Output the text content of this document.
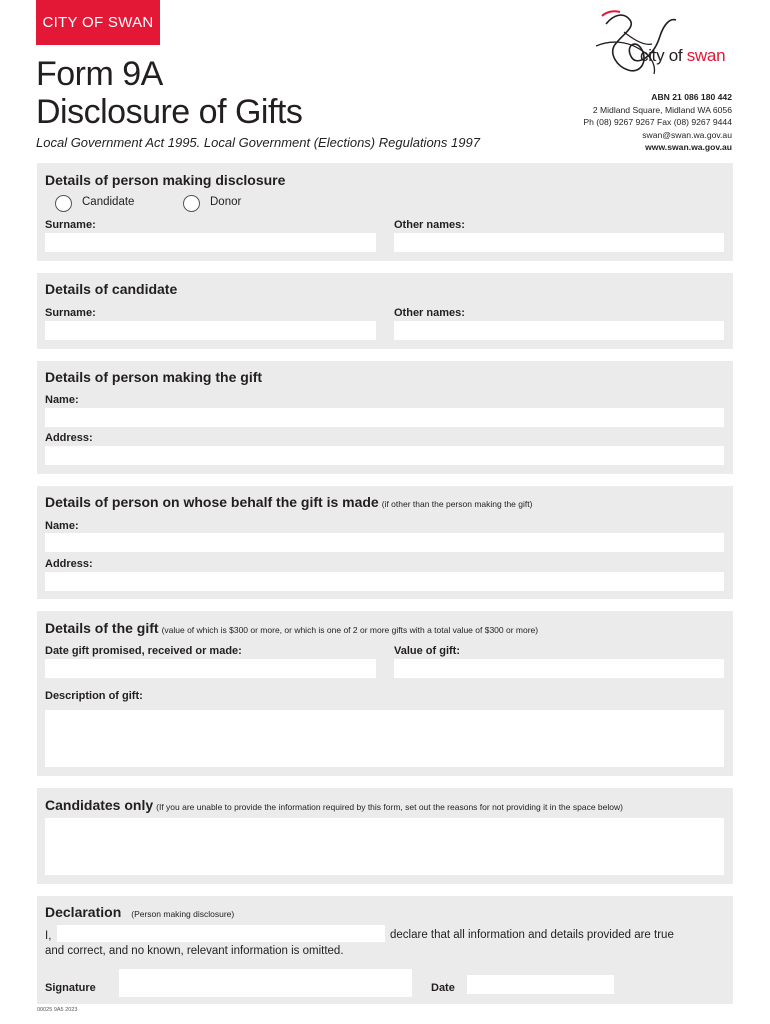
CITY OF SWAN
Form 9A
Disclosure of Gifts
Local Government Act 1995. Local Government (Elections) Regulations 1997
city of swan
ABN 21 086 180 442
2 Midland Square, Midland WA 6056
Ph (08) 9267 9267 Fax (08) 9267 9444
swan@swan.wa.gov.au
www.swan.wa.gov.au
Details of person making disclosure
Candidate	Donor
Surname:	Other names:
Details of candidate
Surname:	Other names:
Details of person making the gift
Name:
Address:
Details of person on whose behalf the gift is made (if other than the person making the gift)
Name:
Address:
Details of the gift (value of which is $300 or more, or which is one of 2 or more gifts with a total value of $300 or more)
Date gift promised, received or made:	Value of gift:
Description of gift:
Candidates only (If you are unable to provide the information required by this form, set out the reasons for not providing it in the space below)
Declaration (Person making disclosure)
I,	declare that all information and details provided are true
and correct, and no known, relevant information is omitted.
Signature	Date
00025 9A5 2023
